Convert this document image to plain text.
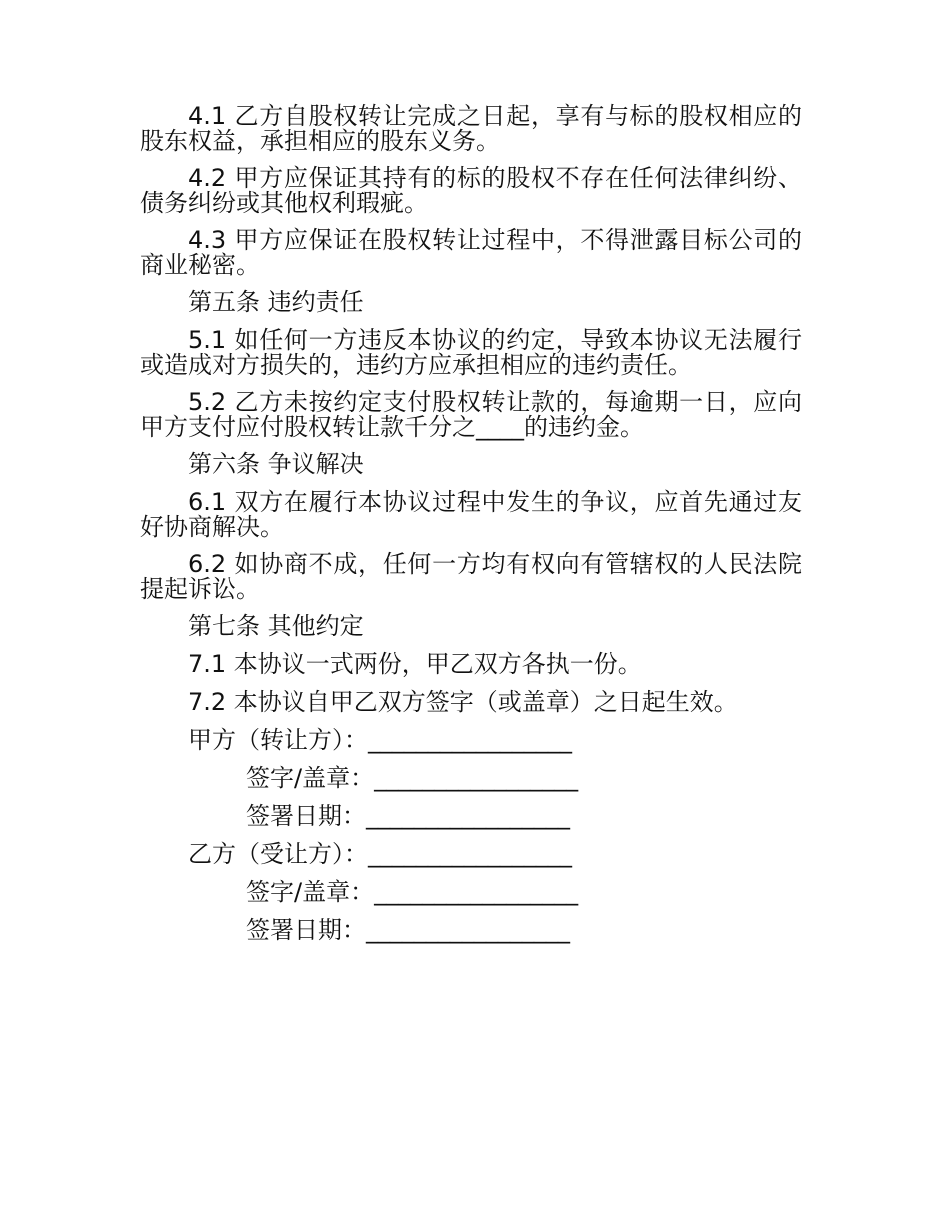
4.1 乙方自股权转让完成之日起，享有与标的股权相应的股东权益，承担相应的股东义务。

4.2 甲方应保证其持有的标的股权不存在任何法律纠纷、债务纠纷或其他权利瑕疵。

4.3 甲方应保证在股权转让过程中，不得泄露目标公司的商业秘密。

第五条 违约责任

5.1 如任何一方违反本协议的约定，导致本协议无法履行或造成对方损失的，违约方应承担相应的违约责任。

5.2 乙方未按约定支付股权转让款的，每逾期一日，应向甲方支付应付股权转让款千分之____的违约金。

第六条 争议解决

6.1 双方在履行本协议过程中发生的争议，应首先通过友好协商解决。

6.2 如协商不成，任何一方均有权向有管辖权的人民法院提起诉讼。

第七条 其他约定
7.1 本协议一式两份，甲乙双方各执一份。
7.2 本协议自甲乙双方签字（或盖章）之日起生效。
甲方（转让方）：_________________
签字/盖章：_________________
签署日期：_________________
乙方（受让方）：_________________
签字/盖章：_________________
签署日期：_________________
